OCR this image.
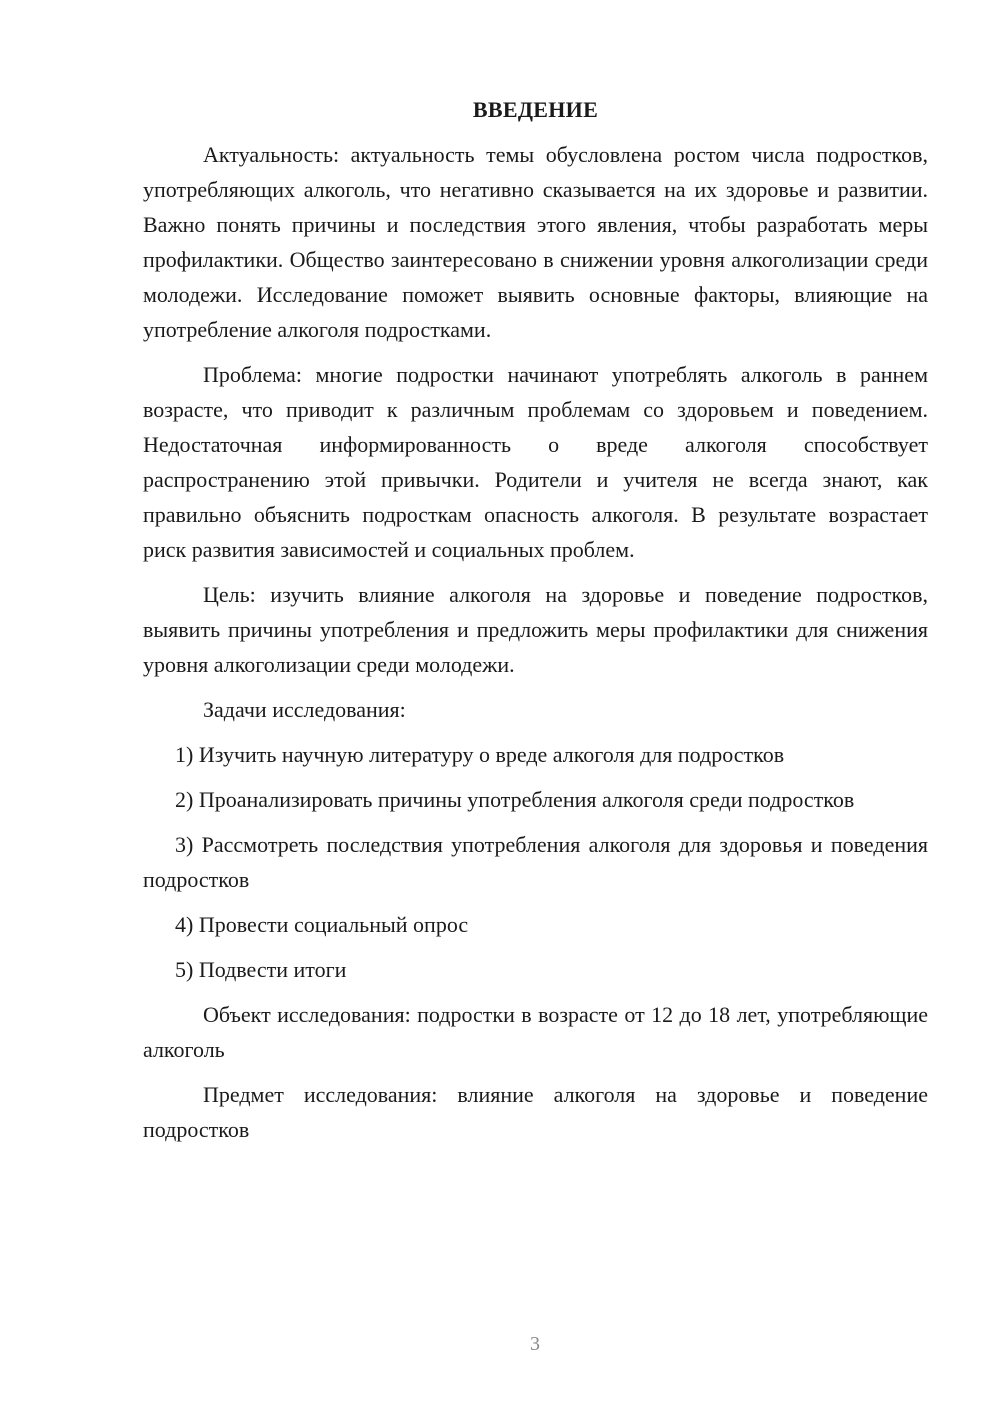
ВВЕДЕНИЕ

Актуальность: актуальность темы обусловлена ростом числа подростков, употребляющих алкоголь, что негативно сказывается на их здоровье и развитии. Важно понять причины и последствия этого явления, чтобы разработать меры профилактики. Общество заинтересовано в снижении уровня алкоголизации среди молодежи. Исследование поможет выявить основные факторы, влияющие на употребление алкоголя подростками.

Проблема: многие подростки начинают употреблять алкоголь в раннем возрасте, что приводит к различным проблемам со здоровьем и поведением. Недостаточная информированность о вреде алкоголя способствует распространению этой привычки. Родители и учителя не всегда знают, как правильно объяснить подросткам опасность алкоголя. В результате возрастает риск развития зависимостей и социальных проблем.

Цель: изучить влияние алкоголя на здоровье и поведение подростков, выявить причины употребления и предложить меры профилактики для снижения уровня алкоголизации среди молодежи.

Задачи исследования:

1) Изучить научную литературу о вреде алкоголя для подростков

2) Проанализировать причины употребления алкоголя среди подростков

3) Рассмотреть последствия употребления алкоголя для здоровья и поведения подростков

4) Провести социальный опрос

5) Подвести итоги

Объект исследования: подростки в возрасте от 12 до 18 лет, употребляющие алкоголь

Предмет исследования: влияние алкоголя на здоровье и поведение подростков

3
